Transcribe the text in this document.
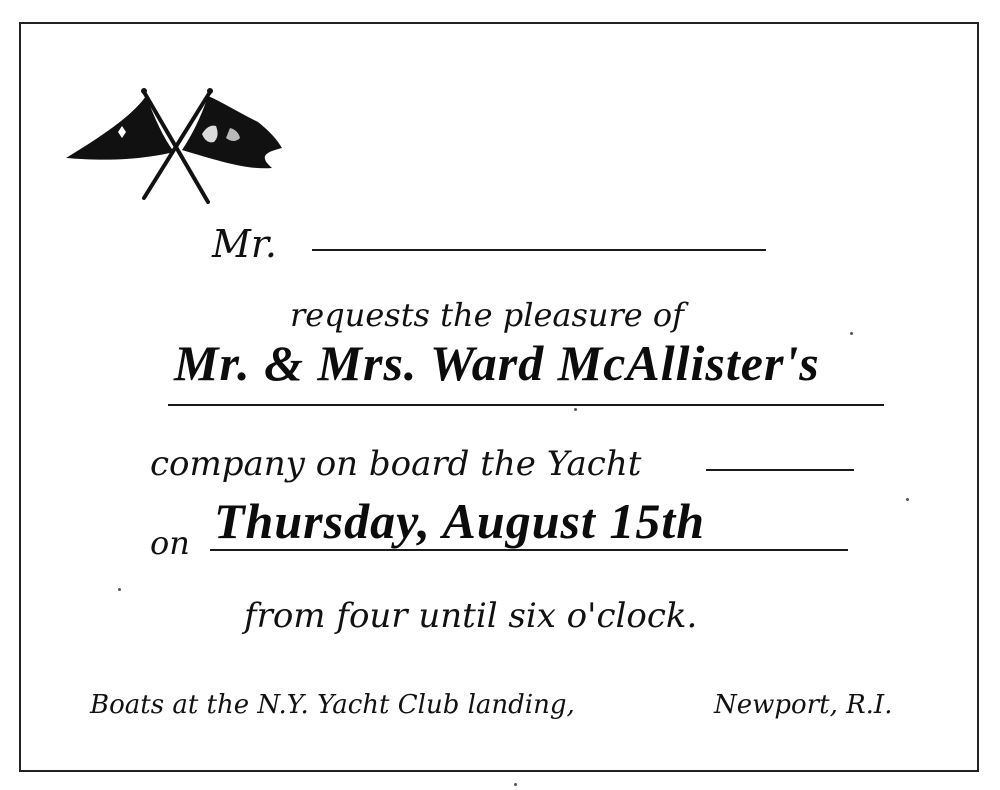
Mr.
requests the pleasure of
Mr. & Mrs. Ward McAllister's
company on board the Yacht
on Thursday, August 15th
from four until six o'clock.
Boats at the N.Y. Yacht Club landing,	Newport, R.I.
